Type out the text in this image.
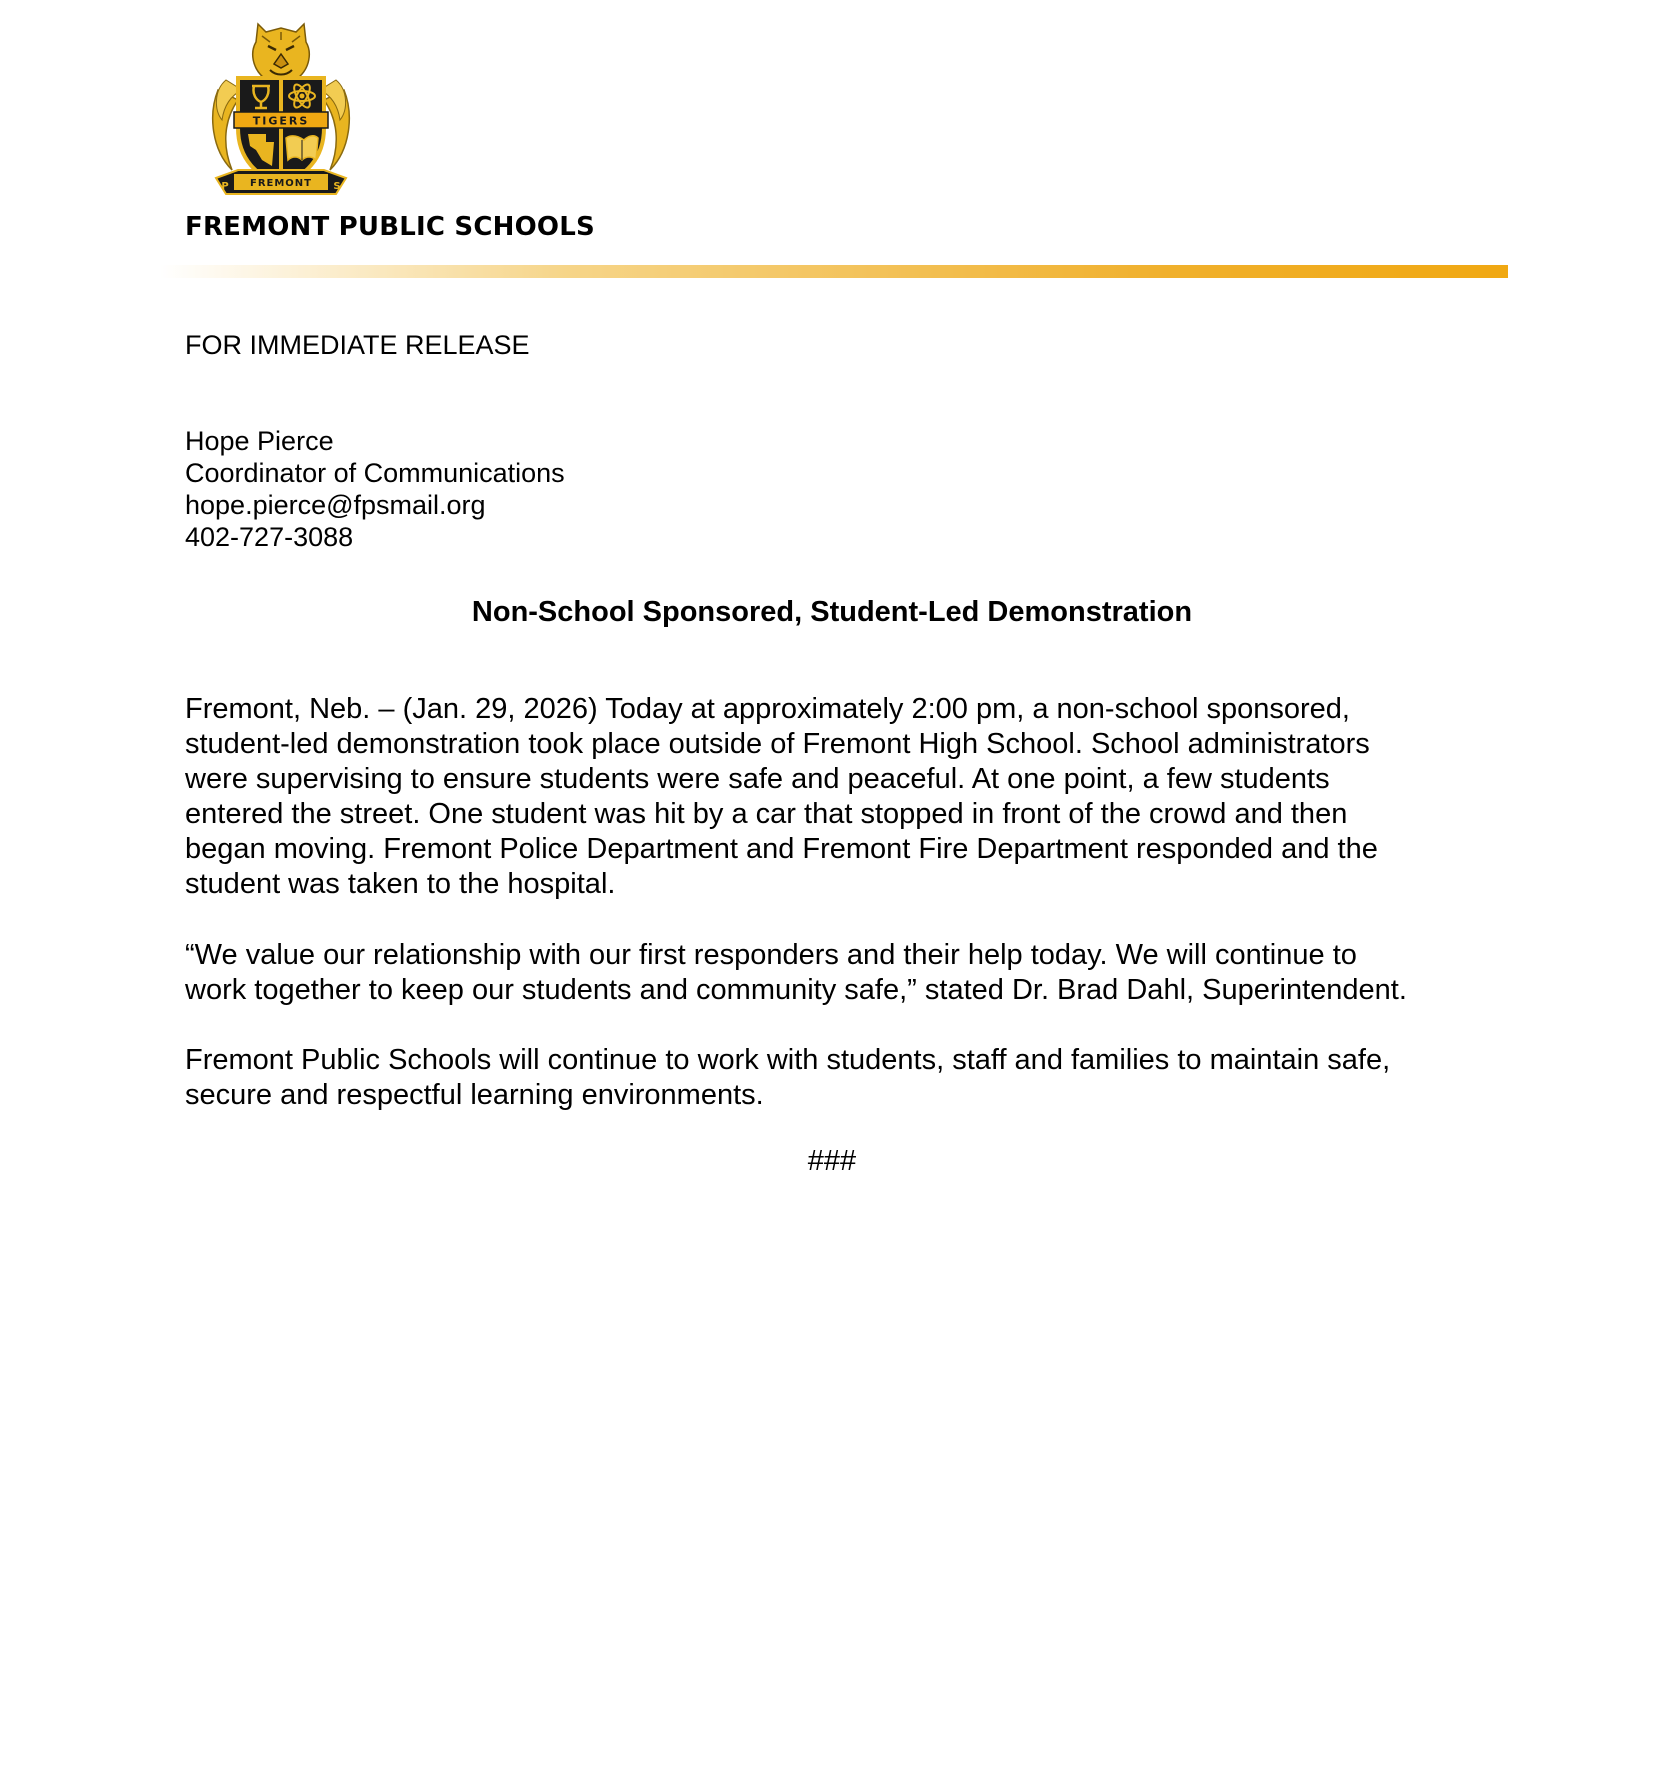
TIGERS
FREMONT
P	S
FREMONT PUBLIC SCHOOLS
FOR IMMEDIATE RELEASE
Hope Pierce
Coordinator of Communications
hope.pierce@fpsmail.org
402-727-3088
Non-School Sponsored, Student-Led Demonstration
Fremont, Neb. – (Jan. 29, 2026) Today at approximately 2:00 pm, a non-school sponsored,
student-led demonstration took place outside of Fremont High School. School administrators
were supervising to ensure students were safe and peaceful. At one point, a few students
entered the street. One student was hit by a car that stopped in front of the crowd and then
began moving. Fremont Police Department and Fremont Fire Department responded and the
student was taken to the hospital.
“We value our relationship with our first responders and their help today. We will continue to
work together to keep our students and community safe,” stated Dr. Brad Dahl, Superintendent.
Fremont Public Schools will continue to work with students, staff and families to maintain safe,
secure and respectful learning environments.
###
